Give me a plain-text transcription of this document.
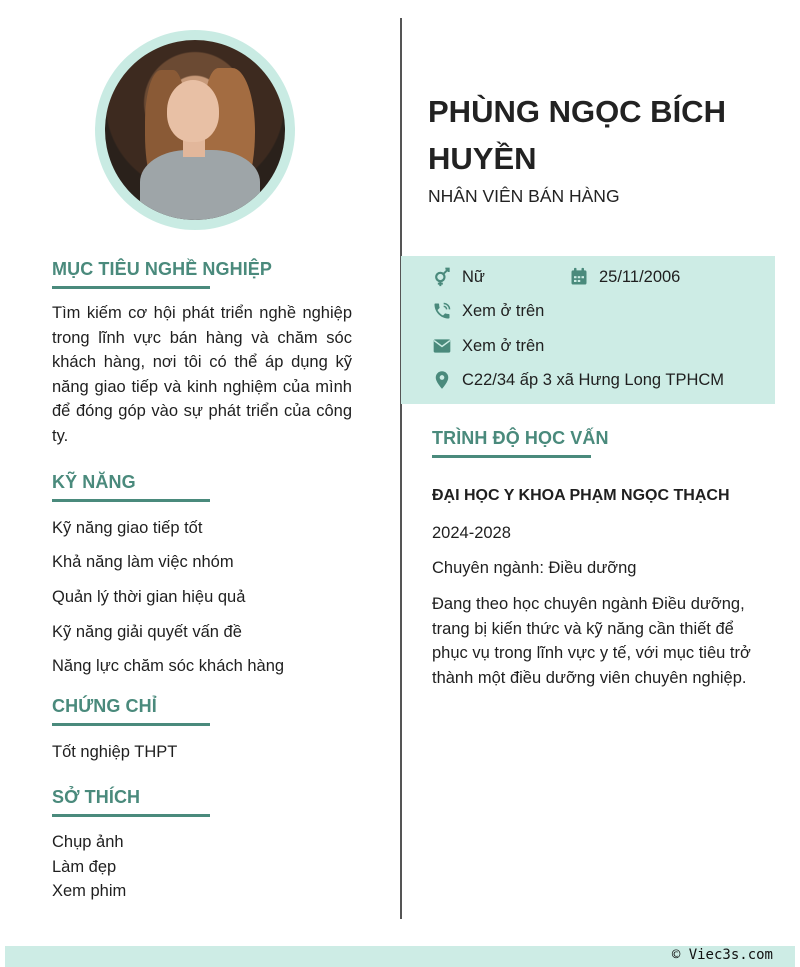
MỤC TIÊU NGHỀ NGHIỆP

Tìm kiếm cơ hội phát triển nghề nghiệp trong lĩnh vực bán hàng và chăm sóc khách hàng, nơi tôi có thể áp dụng kỹ năng giao tiếp và kinh nghiệm của mình để đóng góp vào sự phát triển của công ty.

KỸ NĂNG
Kỹ năng giao tiếp tốt
Khả năng làm việc nhóm
Quản lý thời gian hiệu quả
Kỹ năng giải quyết vấn đề
Năng lực chăm sóc khách hàng
CHỨNG CHỈ
Tốt nghiệp THPT
SỞ THÍCH
Chụp ảnh
Làm đẹp
Xem phim
PHÙNG NGỌC BÍCH HUYỀN
NHÂN VIÊN BÁN HÀNG
Nữ	25/11/2006
Xem ở trên
Xem ở trên
C22/34 ấp 3 xã Hưng Long TPHCM
TRÌNH ĐỘ HỌC VẤN
ĐẠI HỌC Y KHOA PHẠM NGỌC THẠCH
2024-2028
Chuyên ngành: Điều dưỡng

Đang theo học chuyên ngành Điều dưỡng, trang bị kiến thức và kỹ năng cần thiết để phục vụ trong lĩnh vực y tế, với mục tiêu trở thành một điều dưỡng viên chuyên nghiệp.

© Viec3s.com
